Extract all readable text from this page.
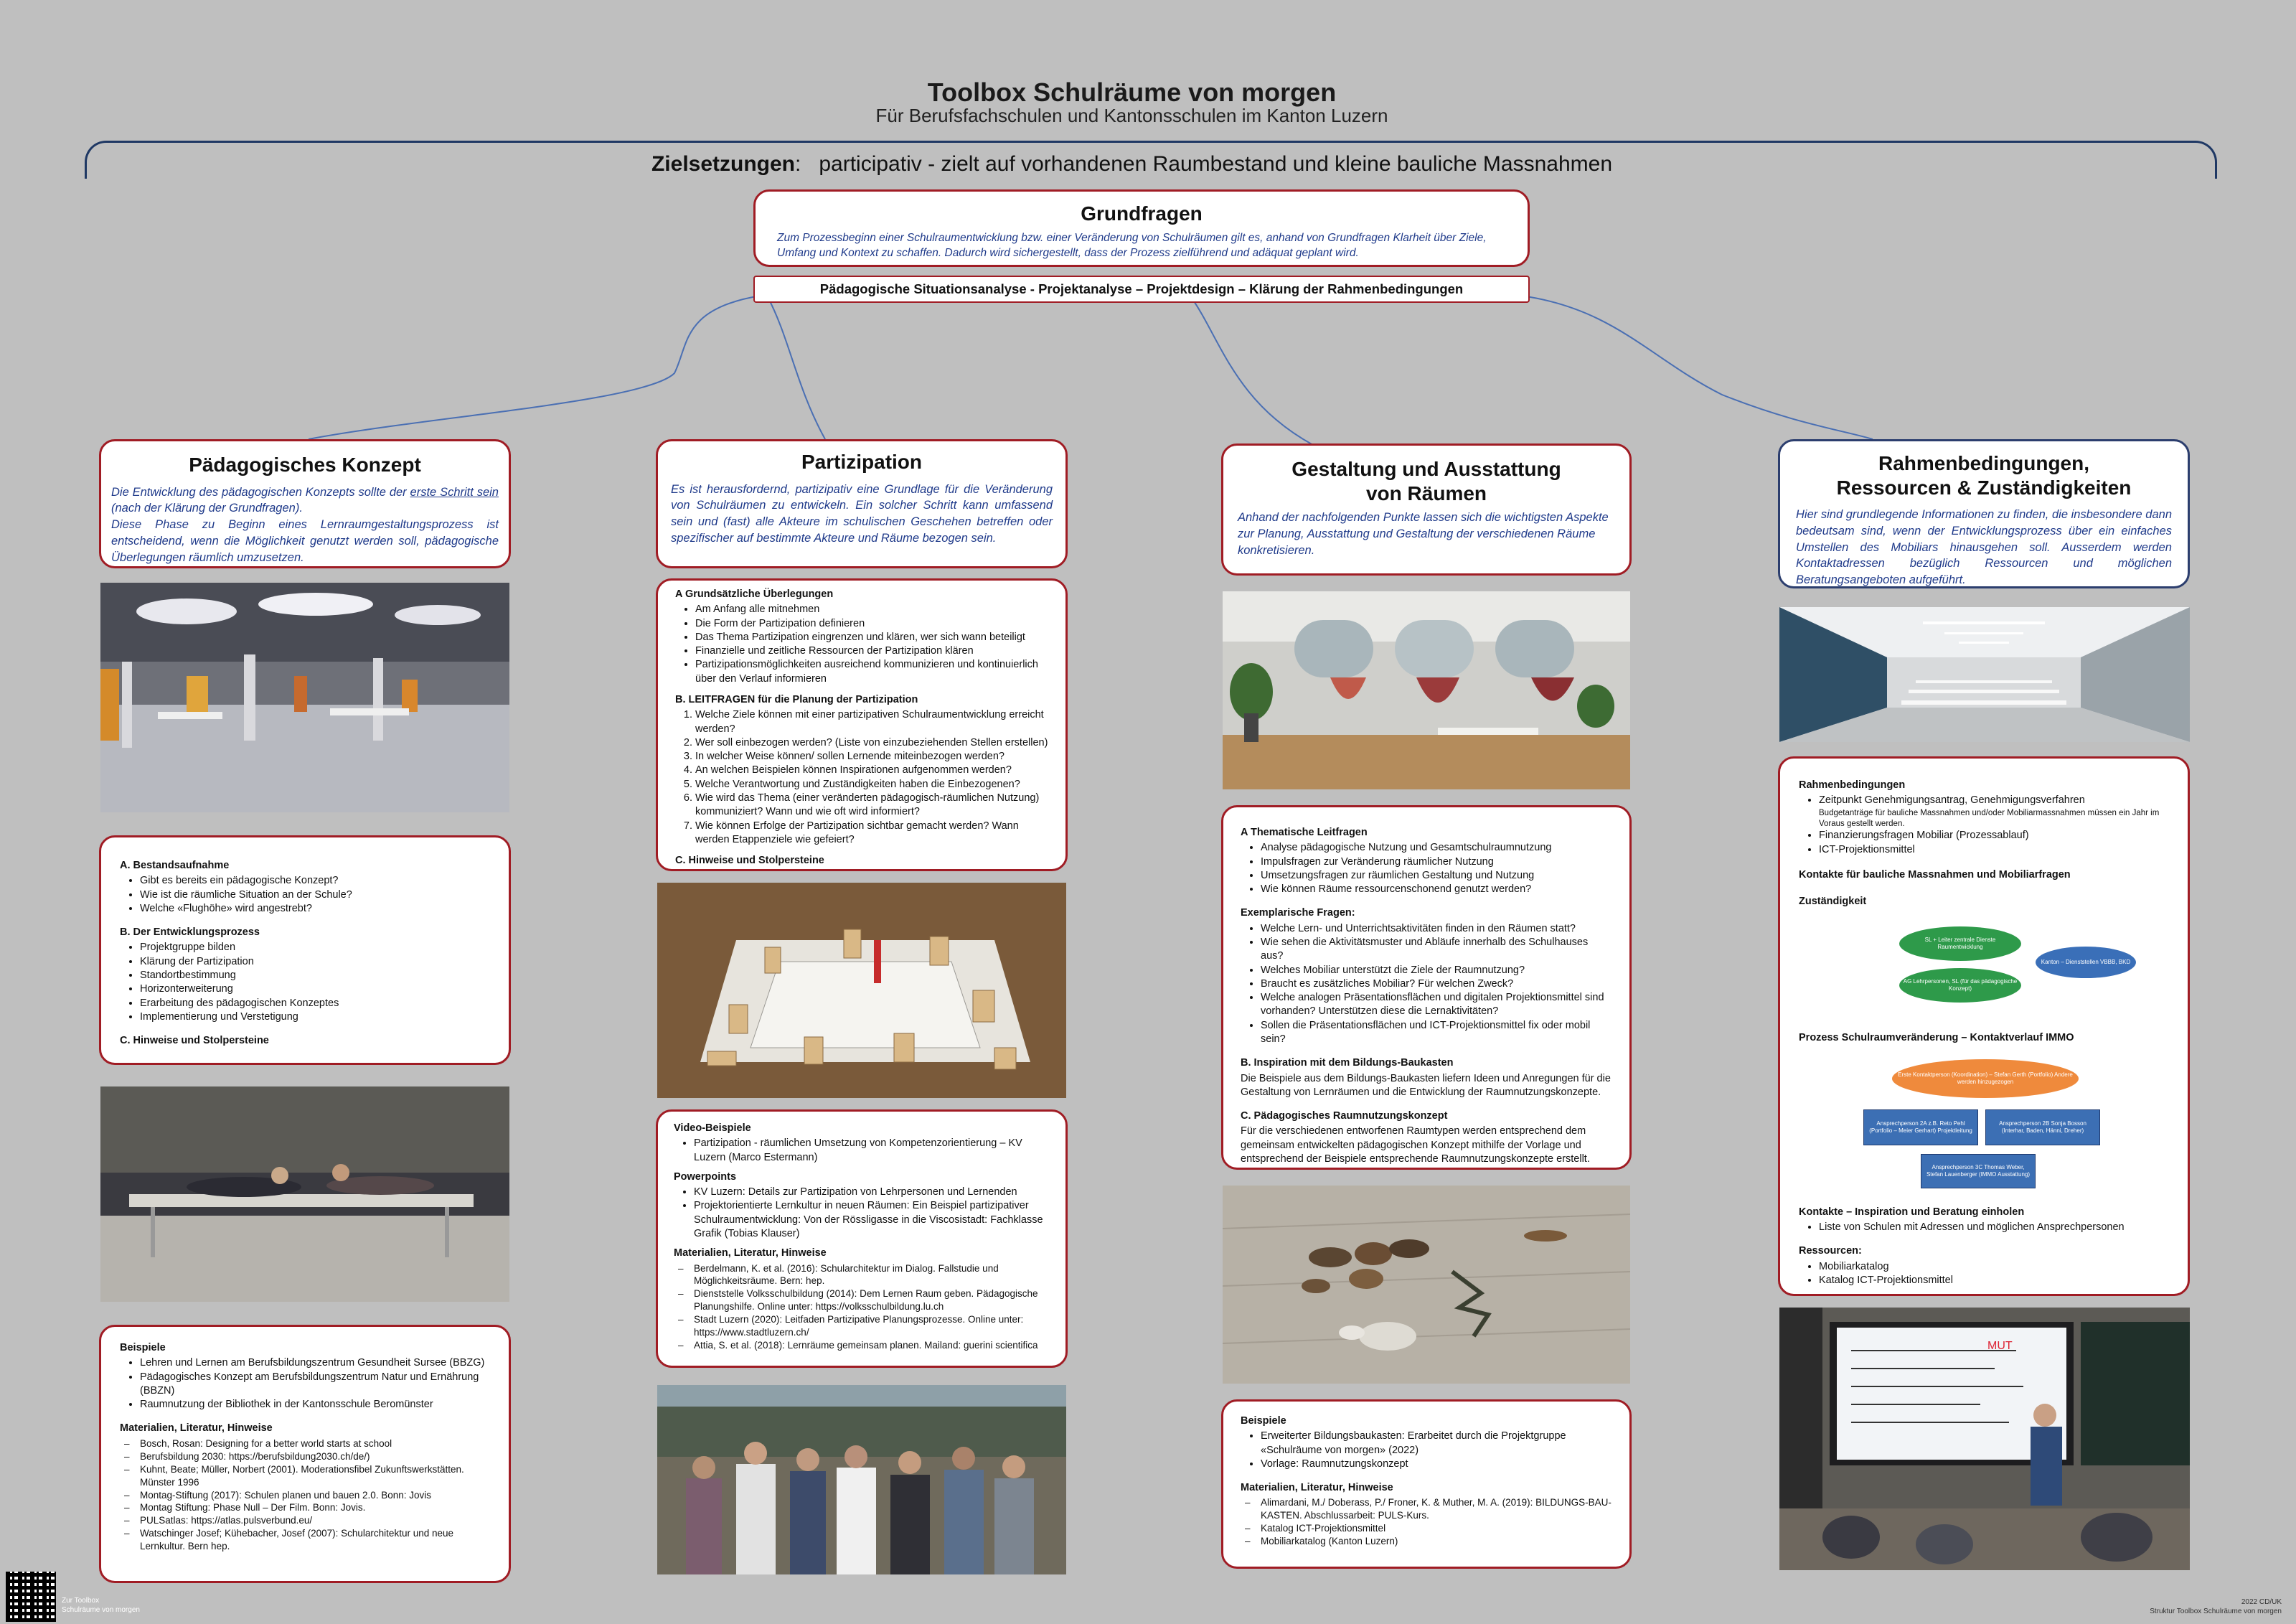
Toolbox Schulräume von morgen
Für Berufsfachschulen und Kantonsschulen im Kanton Luzern
Zielsetzungen:   participativ - zielt auf vorhandenen Raumbestand und kleine bauliche Massnahmen
Grundfragen
Zum Prozessbeginn einer Schulraumentwicklung bzw. einer Veränderung von Schulräumen gilt es, anhand von Grundfragen Klarheit über Ziele, Umfang und Kontext zu schaffen. Dadurch wird sichergestellt, dass der Prozess zielführend und adäquat geplant wird.
Pädagogische Situationsanalyse - Projektanalyse – Projektdesign – Klärung der Rahmenbedingungen
Pädagogisches Konzept
Die Entwicklung des pädagogischen Konzepts sollte der erste Schritt sein (nach der Klärung der Grundfragen).
Diese Phase zu Beginn eines Lernraumgestaltungsprozess ist entscheidend, wenn die Möglichkeit genutzt werden soll, pädagogische Überlegungen räumlich umzusetzen.
A. Bestandsaufnahme
• Gibt es bereits ein pädagogische Konzept?
• Wie ist die räumliche Situation an der Schule?
• Welche «Flughöhe» wird angestrebt?
B. Der Entwicklungsprozess
• Projektgruppe bilden
• Klärung der Partizipation
• Standortbestimmung
• Horizonterweiterung
• Erarbeitung des pädagogischen Konzeptes
• Implementierung und Verstetigung
C. Hinweise und Stolpersteine
Beispiele
• Lehren und Lernen am Berufsbildungszentrum Gesundheit Sursee (BBZG)
• Pädagogisches Konzept am Berufsbildungszentrum Natur und Ernährung (BBZN)
• Raumnutzung der Bibliothek in der Kantonsschule Beromünster
Materialien, Literatur, Hinweise
– Bosch, Rosan: Designing for a better world starts at school
– Berufsbildung 2030: https://berufsbildung2030.ch/de/)
– Kuhnt, Beate; Müller, Norbert (2001). Moderationsfibel Zukunftswerkstätten. Münster 1996
– Montag-Stiftung (2017): Schulen planen und bauen 2.0. Bonn: Jovis
– Montag Stiftung: Phase Null – Der Film. Bonn: Jovis.
– PULSatlas: https://atlas.pulsverbund.eu/
– Watschinger Josef; Kühebacher, Josef (2007): Schularchitektur und neue Lernkultur. Bern hep.
Partizipation
Es ist herausfordernd, partizipativ eine Grundlage für die Veränderung von Schulräumen zu entwickeln. Ein solcher Schritt kann umfassend sein und (fast) alle Akteure im schulischen Geschehen betreffen oder spezifischer auf bestimmte Akteure und Räume bezogen sein.
A Grundsätzliche Überlegungen
• Am Anfang alle mitnehmen
• Die Form der Partizipation definieren
• Das Thema Partizipation eingrenzen und klären, wer sich wann beteiligt
• Finanzielle und zeitliche Ressourcen der Partizipation klären
• Partizipationsmöglichkeiten ausreichend kommunizieren und kontinuierlich über den Verlauf informieren
B. LEITFRAGEN für die Planung der Partizipation
1. Welche Ziele können mit einer partizipativen Schulraumentwicklung erreicht werden?
2. Wer soll einbezogen werden? (Liste von einzubeziehenden Stellen erstellen)
3. In welcher Weise können/ sollen Lernende miteinbezogen werden?
4. An welchen Beispielen können Inspirationen aufgenommen werden?
5. Welche Verantwortung und Zuständigkeiten haben die Einbezogenen?
6. Wie wird das Thema (einer veränderten pädagogisch-räumlichen Nutzung) kommuniziert? Wann und wie oft wird informiert?
7. Wie können Erfolge der Partizipation sichtbar gemacht werden? Wann werden Etappenziele wie gefeiert?
C. Hinweise und Stolpersteine
Video-Beispiele
• Partizipation - räumlichen Umsetzung von Kompetenzorientierung – KV Luzern (Marco Estermann)
Powerpoints
• KV Luzern: Details zur Partizipation von Lehrpersonen und Lernenden
• Projektorientierte Lernkultur in neuen Räumen: Ein Beispiel partizipativer Schulraumentwicklung: Von der Rössligasse in die Viscosistadt: Fachklasse Grafik (Tobias Klauser)
Materialien, Literatur, Hinweise
– Berdelmann, K. et al. (2016): Schularchitektur im Dialog. Fallstudie und Möglichkeitsräume. Bern: hep.
– Dienststelle Volksschulbildung (2014): Dem Lernen Raum geben. Pädagogische Planungshilfe. Online unter: https://volksschulbildung.lu.ch
– Stadt Luzern (2020): Leitfaden Partizipative Planungsprozesse. Online unter: https://www.stadtluzern.ch/
– Attia, S. et al. (2018): Lernräume gemeinsam planen. Mailand: guerini scientifica
Gestaltung und Ausstattung
von Räumen
Anhand der nachfolgenden Punkte lassen sich die wichtigsten Aspekte zur Planung, Ausstattung und Gestaltung der verschiedenen Räume konkretisieren.
A Thematische Leitfragen
• Analyse pädagogische Nutzung und Gesamtschulraumnutzung
• Impulsfragen zur Veränderung räumlicher Nutzung
• Umsetzungsfragen zur räumlichen Gestaltung und Nutzung
• Wie können Räume ressourcenschonend genutzt werden?
Exemplarische Fragen:
• Welche Lern- und Unterrichtsaktivitäten finden in den Räumen statt?
• Wie sehen die Aktivitätsmuster und Abläufe innerhalb des Schulhauses aus?
• Welches Mobiliar unterstützt die Ziele der Raumnutzung?
• Braucht es zusätzliches Mobiliar? Für welchen Zweck?
• Welche analogen Präsentationsflächen und digitalen Projektionsmittel sind vorhanden? Unterstützen diese die Lernaktivitäten?
• Sollen die Präsentationsflächen und ICT-Projektionsmittel fix oder mobil sein?
B. Inspiration mit dem Bildungs-Baukasten

Die Beispiele aus dem Bildungs-Baukasten liefern Ideen und Anregungen für die Gestaltung von Lernräumen und die Entwicklung der Raumnutzungskonzepte.

C. Pädagogisches Raumnutzungskonzept

Für die verschiedenen entworfenen Raumtypen werden entsprechend dem gemeinsam entwickelten pädagogischen Konzept mithilfe der Vorlage und entsprechend der Beispiele entsprechende Raumnutzungskonzepte erstellt.

Beispiele
• Erweiterter Bildungsbaukasten: Erarbeitet durch die Projektgruppe «Schulräume von morgen» (2022)
• Vorlage: Raumnutzungskonzept
Materialien, Literatur, Hinweise
– Alimardani, M./ Doberass, P./ Froner, K. & Muther, M. A. (2019): BILDUNGS-BAU-KASTEN. Abschlussarbeit: PULS-Kurs.
– Katalog ICT-Projektionsmittel
– Mobiliarkatalog (Kanton Luzern)
Rahmenbedingungen,
Ressourcen & Zuständigkeiten
Hier sind grundlegende Informationen zu finden, die insbesondere dann bedeutsam sind, wenn der Entwicklungsprozess über ein einfaches Umstellen des Mobiliars hinausgehen soll. Ausserdem werden Kontaktadressen bezüglich Ressourcen und möglichen Beratungsangeboten aufgeführt.
Rahmenbedingungen
• Zeitpunkt Genehmigungsantrag, Genehmigungsverfahren

Budgetanträge für bauliche Massnahmen und/oder Mobiliarmassnahmen müssen ein Jahr im Voraus gestellt werden.
• Finanzierungsfragen Mobiliar (Prozessablauf)
• ICT-Projektionsmittel
Kontakte für bauliche Massnahmen und Mobiliarfragen
Zuständigkeit
SL + Leiter zentrale Dienste Raumentwicklung
Kanton – Dienststellen VBBB, BKD
AG Lehrpersonen, SL (für das pädagogische Konzept)
Prozess Schulraumveränderung – Kontaktverlauf IMMO
Erste Kontaktperson (Koordination) – Stefan Gerth (Portfolio) Andere werden hinzugezogen
Ansprechperson 2A z.B. Reto Pehl (Portfolio – Meier Gerhart) Projektleitung
Ansprechperson 2B Sonja Bosson (Interhar, Baden, Hänni, Dreher)
Ansprechperson 3C Thomas Weber, Stefan Lauenberger (IMMO Ausstattung)
Kontakte – Inspiration und Beratung einholen
• Liste von Schulen mit Adressen und möglichen Ansprechpersonen
Ressourcen:
• Mobiliarkatalog
• Katalog ICT-Projektionsmittel
MUT
Zur Toolbox
Schulräume von morgen
2022 CD/UK
Struktur Toolbox Schulräume von morgen
